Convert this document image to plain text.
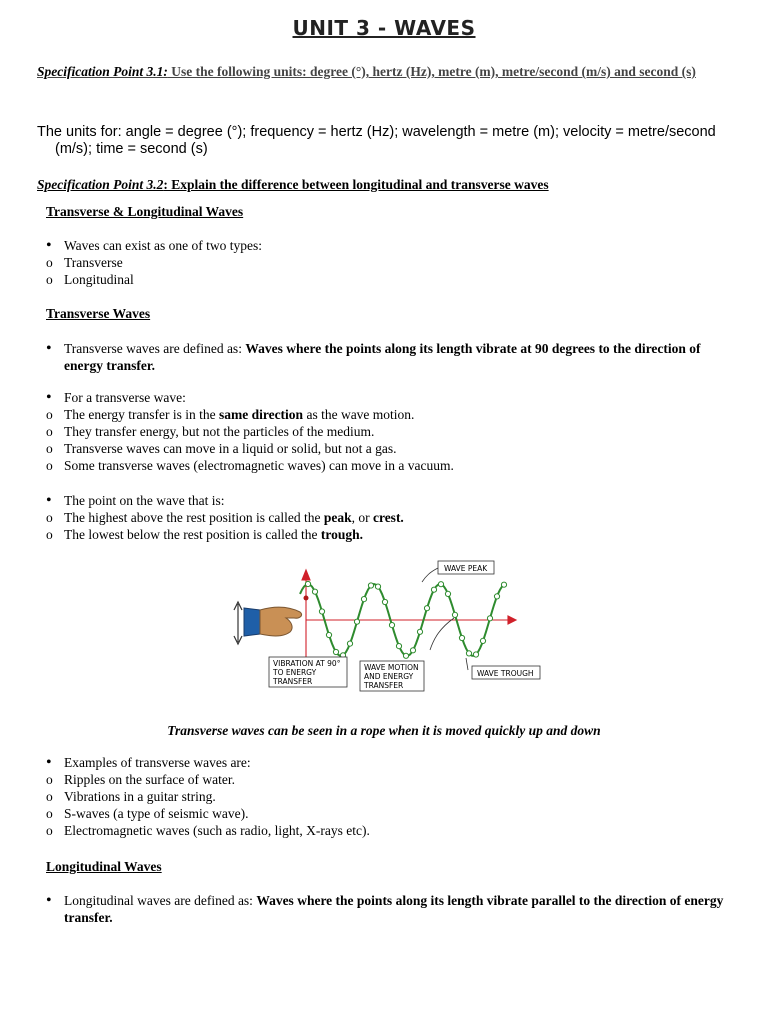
UNIT 3 - WAVES
Specification Point 3.1: Use the following units: degree (°), hertz (Hz), metre (m), metre/second (m/s) and second (s)
The units for: angle = degree (°); frequency = hertz (Hz); wavelength = metre (m); velocity = metre/second
(m/s); time = second (s)
Specification Point 3.2: Explain the difference between longitudinal and transverse waves
Transverse & Longitudinal Waves
• Waves can exist as one of two types:
o Transverse
o Longitudinal
Transverse Waves
• Transverse waves are defined as: Waves where the points along its length vibrate at 90 degrees to the direction of energy transfer.
• For a transverse wave:
o The energy transfer is in the same direction as the wave motion.
o They transfer energy, but not the particles of the medium.
o Transverse waves can move in a liquid or solid, but not a gas.
o Some transverse waves (electromagnetic waves) can move in a vacuum.
• The point on the wave that is:
o The highest above the rest position is called the peak, or crest.
o The lowest below the rest position is called the trough.
WAVE PEAK
VIBRATION AT 90°
TO ENERGY
TRANSFER
WAVE MOTION
AND ENERGY
TRANSFER
WAVE TROUGH
Transverse waves can be seen in a rope when it is moved quickly up and down
• Examples of transverse waves are:
o Ripples on the surface of water.
o Vibrations in a guitar string.
o S-waves (a type of seismic wave).
o Electromagnetic waves (such as radio, light, X-rays etc).
Longitudinal Waves
• Longitudinal waves are defined as: Waves where the points along its length vibrate parallel to the direction of energy transfer.
